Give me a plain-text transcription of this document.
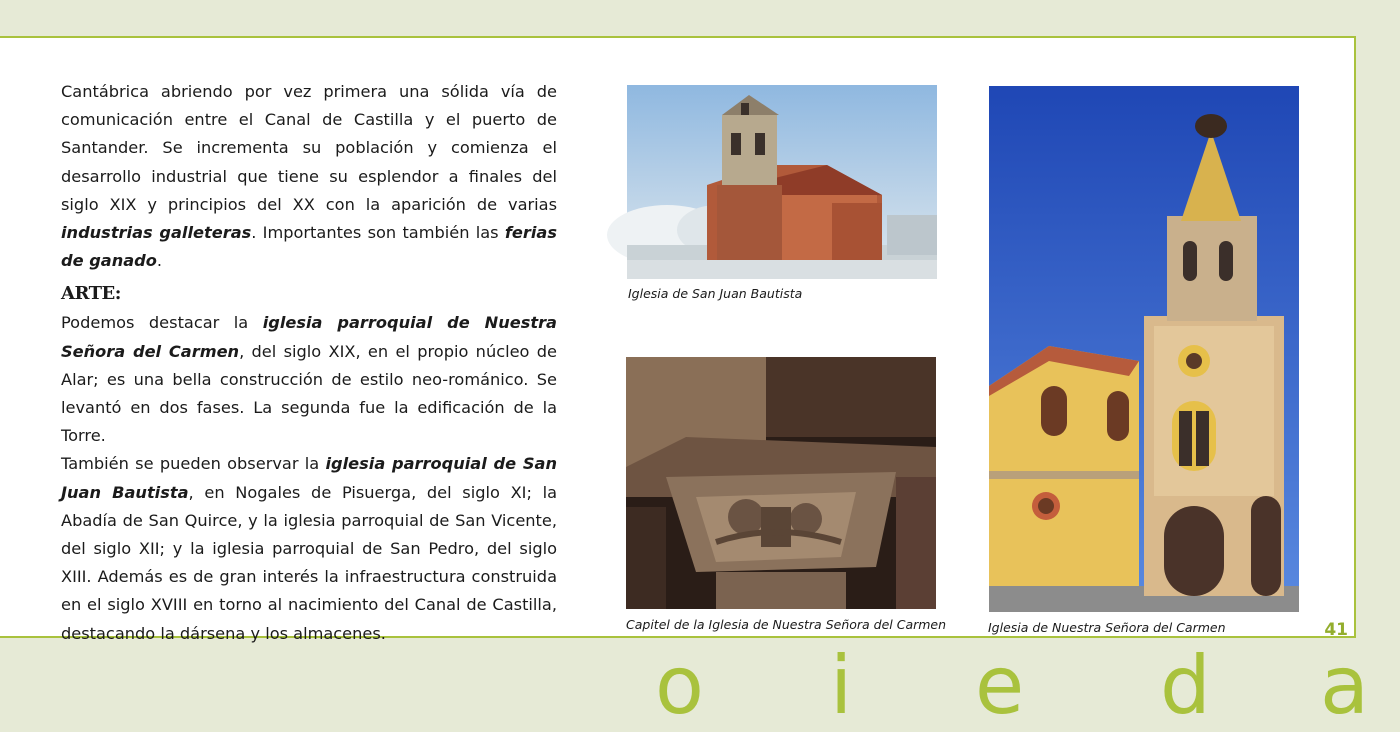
Cantábrica abriendo por vez primera una sólida vía de comunicación entre el Canal de Castilla y el puerto de Santander. Se incrementa su población y comienza el desarrollo industrial que tiene su esplendor a finales del siglo XIX y principios del XX con la aparición de varias industrias galleteras. Importantes son también las ferias de ganado.

ARTE:

Podemos destacar la iglesia parroquial de Nuestra Señora del Carmen, del siglo XIX, en el propio núcleo de Alar; es una bella construcción de estilo neo-románico. Se levantó en dos fases. La segunda fue la edificación de la Torre.

También se pueden observar la iglesia parroquial de San Juan Bautista, en Nogales de Pisuerga, del siglo XI; la Abadía de San Quirce, y la iglesia parroquial de San Vicente, del siglo XII; y la iglesia parroquial de San Pedro, del siglo XIII. Además es de gran interés la infraestructura construida en el siglo XVIII en torno al nacimiento del Canal de Castilla, destacando la dársena y los almacenes.

Iglesia de San Juan Bautista
Capitel de la Iglesia de Nuestra Señora del Carmen	Iglesia de Nuestra Señora del Carmen	41
o i e d a
